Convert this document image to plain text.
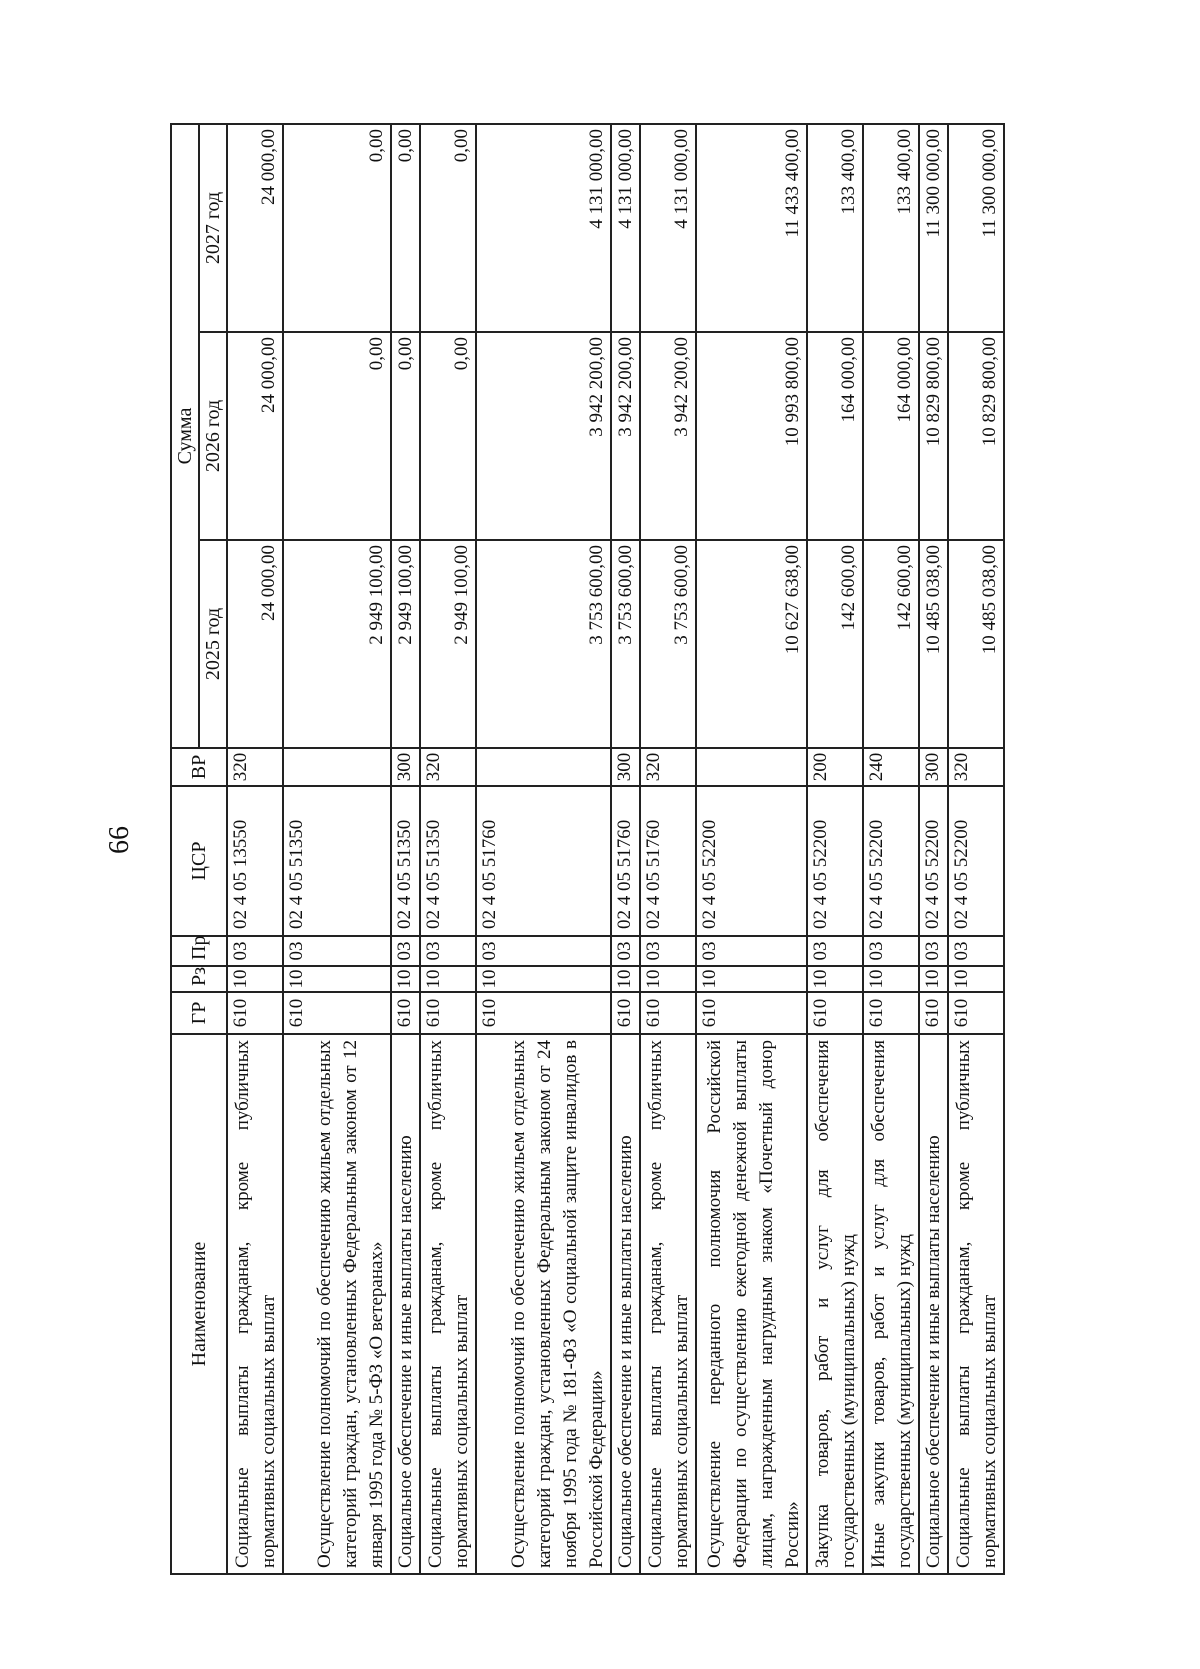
66
Наименование	ГР	Рз	Пр	ЦСР	ВР	Сумма		
						2025 год	2026 год	2027 год
Социальные выплаты гражданам, кроме публичных нормативных социальных выплат	610	10	03	02 4 05 13550	320	24 000,00	24 000,00	24 000,00
Осуществление полномочий по обеспечению жильем отдельных категорий граждан, установленных Федеральным законом от 12 января 1995 года № 5-ФЗ «О ветеранах»	610	10	03	02 4 05 51350		2 949 100,00	0,00	0,00
Социальное обеспечение и иные выплаты населению	610	10	03	02 4 05 51350	300	2 949 100,00	0,00	0,00
Социальные выплаты гражданам, кроме публичных нормативных социальных выплат	610	10	03	02 4 05 51350	320	2 949 100,00	0,00	0,00
Осуществление полномочий по обеспечению жильем отдельных категорий граждан, установленных Федеральным законом от 24 ноября 1995 года № 181-ФЗ «О социальной защите инвалидов в Российской Федерации»	610	10	03	02 4 05 51760		3 753 600,00	3 942 200,00	4 131 000,00
Социальное обеспечение и иные выплаты населению	610	10	03	02 4 05 51760	300	3 753 600,00	3 942 200,00	4 131 000,00
Социальные выплаты гражданам, кроме публичных нормативных социальных выплат	610	10	03	02 4 05 51760	320	3 753 600,00	3 942 200,00	4 131 000,00
Осуществление переданного полномочия Российской Федерации по осуществлению ежегодной денежной выплаты лицам, награжденным нагрудным знаком «Почетный донор России»	610	10	03	02 4 05 52200		10 627 638,00	10 993 800,00	11 433 400,00
Закупка товаров, работ и услуг для обеспечения государственных (муниципальных) нужд	610	10	03	02 4 05 52200	200	142 600,00	164 000,00	133 400,00
Иные закупки товаров, работ и услуг для обеспечения государственных (муниципальных) нужд	610	10	03	02 4 05 52200	240	142 600,00	164 000,00	133 400,00
Социальное обеспечение и иные выплаты населению	610	10	03	02 4 05 52200	300	10 485 038,00	10 829 800,00	11 300 000,00
Социальные выплаты гражданам, кроме публичных нормативных социальных выплат	610	10	03	02 4 05 52200	320	10 485 038,00	10 829 800,00	11 300 000,00
